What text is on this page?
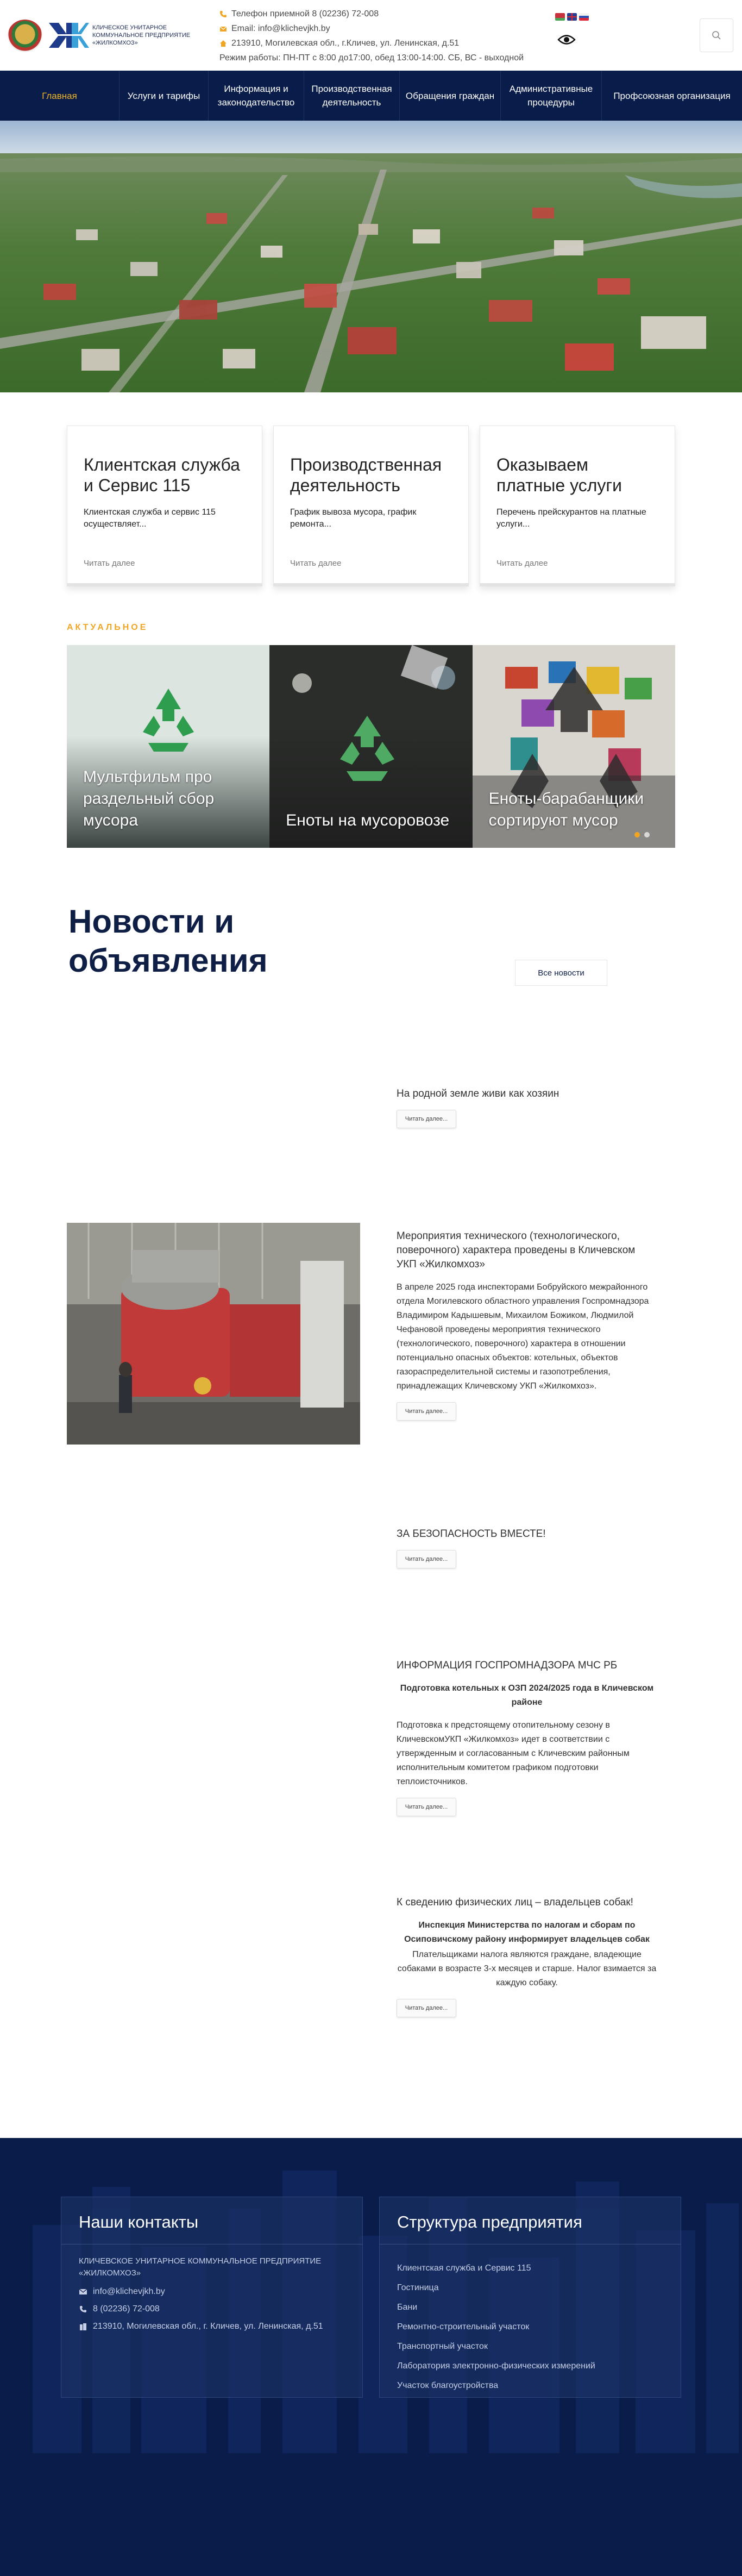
КЛИЧЕСКОЕ УНИТАРНОЕ КОММУНАЛЬНОЕ ПРЕДПРИЯТИЕ «ЖИЛКОМХОЗ»
Телефон приемной 8 (02236) 72-008
Email: info@klichevjkh.by
213910, Могилевская обл., г.Кличев, ул. Ленинская, д.51
Режим работы: ПН-ПТ с 8:00 до17:00, обед 13:00-14:00. СБ, ВС - выходной
Главная	Услуги и тарифы
Информация и законодательство
Производственная деятельность
Обращения граждан
Административные процедуры
Профсоюзная организация
Клиентская служба и Сервис 115
Клиентская служба и сервис 115 осуществляет...
Читать далее
Производственная деятельность
График вывоза мусора, график ремонта...
Читать далее
Оказываем платные услуги
Перечень прейскурантов на платные услуги...
Читать далее
АКТУАЛЬНОЕ
Мультфильм про раздельный сбор мусора	Еноты на мусоровозе
Еноты-барабанщики сортируют мусор
Новости и объявления	Все новости
На родной земле живи как хозяин
Читать далее...
Мероприятия технического (технологического, поверочного) характера проведены в Кличевском УКП «Жилкомхоз»
В апреле 2025 года инспекторами Бобруйского межрайонного отдела Могилевского областного управления Госпромнадзора Владимиром Кадышевым, Михаилом Божиком, Людмилой Чефановой проведены мероприятия технического (технологического, поверочного) характера в отношении потенциально опасных объектов: котельных, объектов газораспределительной системы и газопотребления, принадлежащих Кличевскому УКП «Жилкомхоз».
Читать далее...
ЗА БЕЗОПАСНОСТЬ ВМЕСТЕ!
Читать далее...
ИНФОРМАЦИЯ ГОСПРОМНАДЗОРА МЧС РБ
Подготовка котельных к ОЗП 2024/2025 года в Кличевском районе
Подготовка к предстоящему отопительному сезону в КличевскомУКП «Жилкомхоз» идет в соответствии с утвержденным и согласованным с Кличевским районным исполнительным комитетом графиком подготовки теплоисточников.
Читать далее...
К сведению физических лиц – владельцев собак!
Инспекция Министерства по налогам и сборам по Осиповичскому району информирует владельцев собак
Плательщиками налога являются граждане, владеющие собаками в возрасте 3-х месяцев и старше. Налог взимается за каждую собаку.
Читать далее...
Наши контакты
КЛИЧЕВСКОЕ УНИТАРНОЕ КОММУНАЛЬНОЕ ПРЕДПРИЯТИЕ «ЖИЛКОМХОЗ»
info@klichevjkh.by
8 (02236) 72-008
213910, Могилевская обл., г. Кличев, ул. Ленинская, д.51
Структура предприятия
Клиентская служба и Сервис 115
Гостиница
Бани
Ремонтно-строительный участок
Транспортный участок
Лаборатория электронно-физических измерений
Участок благоустройства
